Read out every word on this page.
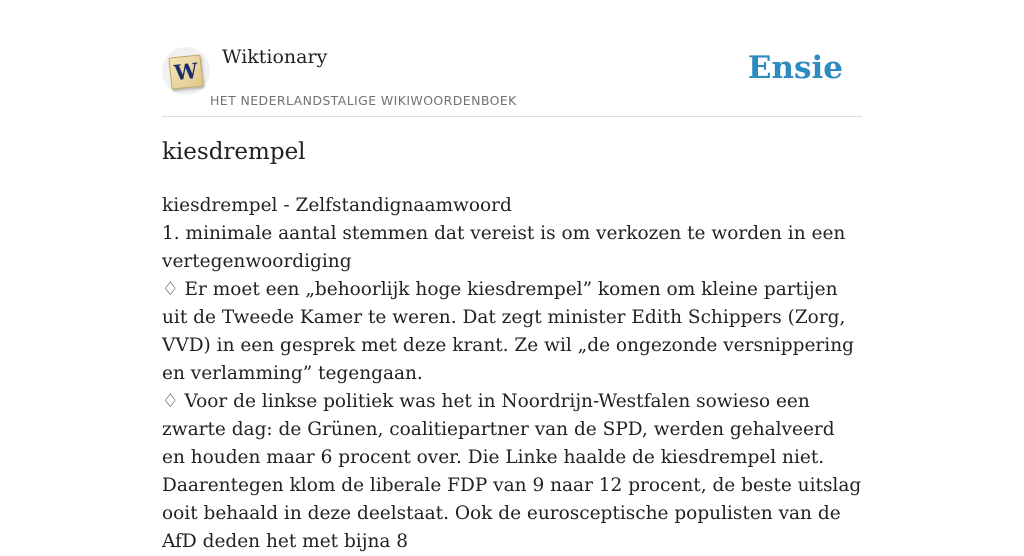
W
Wiktionary
HET NEDERLANDSTALIGE WIKIWOORDENBOEK
Ensie
kiesdrempel

kiesdrempel - Zelfstandignaamwoord

1. minimale aantal stemmen dat vereist is om verkozen te worden in een vertegenwoordiging

♢ Er moet een „behoorlijk hoge kiesdrempel” komen om kleine partijen uit de Tweede Kamer te weren. Dat zegt minister Edith Schippers (Zorg, VVD) in een gesprek met deze krant. Ze wil „de ongezonde versnippering en verlamming” tegengaan.

♢ Voor de linkse politiek was het in Noordrijn-Westfalen sowieso een zwarte dag: de Grünen, coalitiepartner van de SPD, werden gehalveerd en houden maar 6 procent over. Die Linke haalde de kiesdrempel niet. Daarentegen klom de liberale FDP van 9 naar 12 procent, de beste uitslag ooit behaald in deze deelstaat. Ook de eurosceptische populisten van de AfD deden het met bijna 8
